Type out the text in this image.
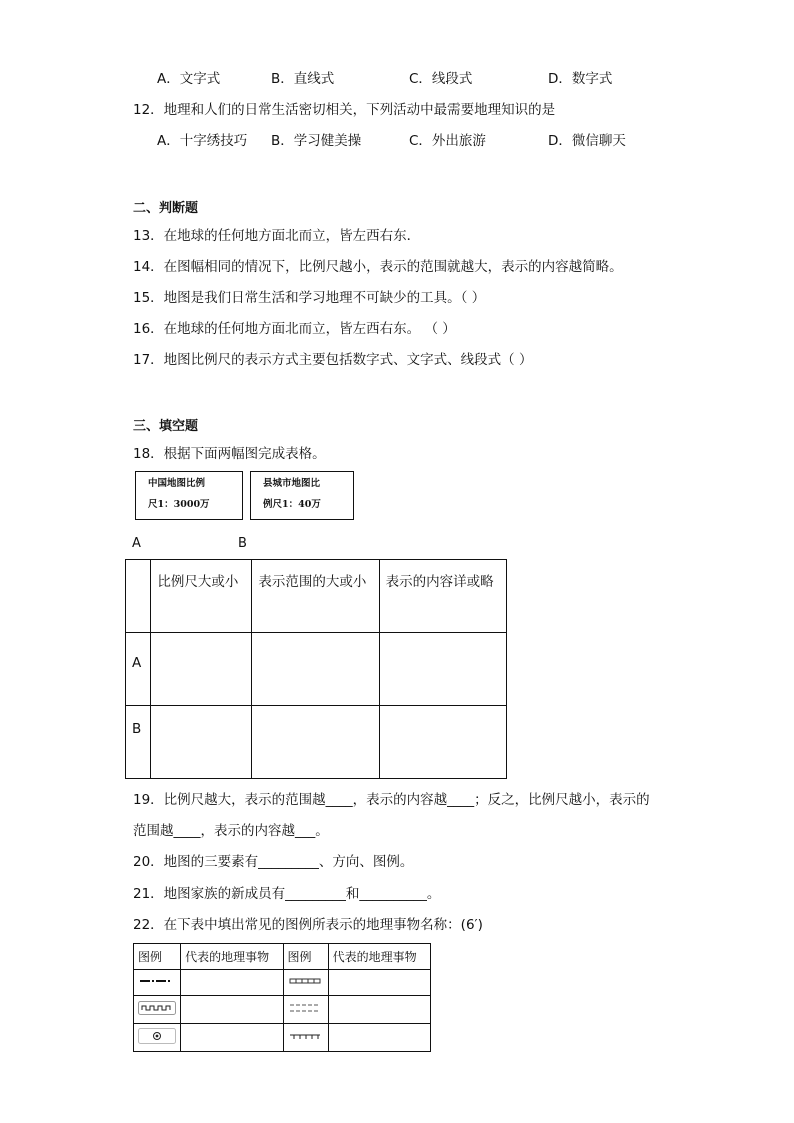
A．文字式	B．直线式	C．线段式	D．数字式
12．地理和人们的日常生活密切相关，下列活动中最需要地理知识的是
A．十字绣技巧 B．学习健美操	C．外出旅游	D．微信聊天
二、判断题
13．在地球的任何地方面北而立，皆左西右东．
14．在图幅相同的情况下，比例尺越小，表示的范围就越大，表示的内容越简略。
15．地图是我们日常生活和学习地理不可缺少的工具。（ ）
16．在地球的任何地方面北而立，皆左西右东。 （ ）
17．地图比例尺的表示方式主要包括数字式、文字式、线段式（ ）
三、填空题
18．根据下面两幅图完成表格。
中国地图比例
尺1：3000万
县城市地图比
例尺1：40万
A	B
	比例尺大或小	表示范围的大或小	表示的内容详或略
A			
B			
19．比例尺越大，表示的范围越____，表示的内容越____；反之，比例尺越小，表示的
范围越____，表示的内容越___。
20．地图的三要素有_________、方向、图例。
21．地图家族的新成员有_________和__________。
22．在下表中填出常见的图例所表示的地理事物名称：(6′)
图例	代表的地理事物	图例	代表的地理事物
